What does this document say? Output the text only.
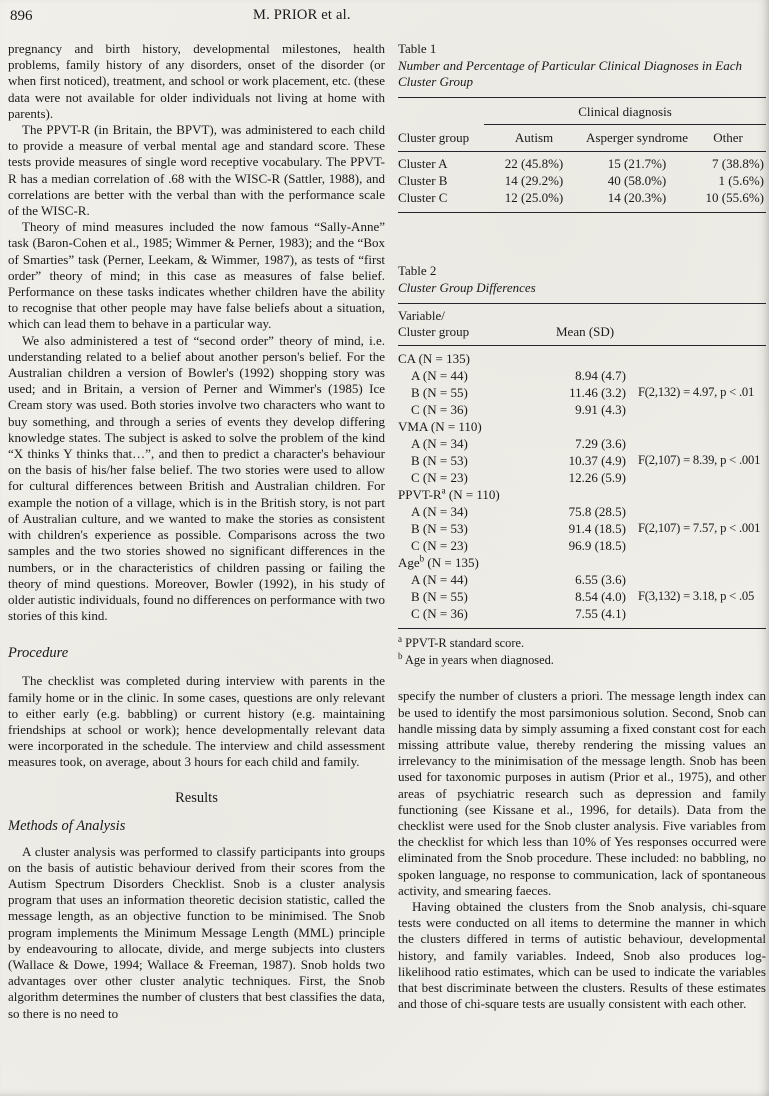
896	M. PRIOR et al.

pregnancy and birth history, developmental milestones, health problems, family history of any disorders, onset of the disorder (or when first noticed), treatment, and school or work placement, etc. (these data were not available for older individuals not living at home with parents).

The PPVT-R (in Britain, the BPVT), was administered to each child to provide a measure of verbal mental age and standard score. These tests provide measures of single word receptive vocabulary. The PPVT-R has a median correlation of .68 with the WISC-R (Sattler, 1988), and correlations are better with the verbal than with the performance scale of the WISC-R.

Theory of mind measures included the now famous “Sally-Anne” task (Baron-Cohen et al., 1985; Wimmer & Perner, 1983); and the “Box of Smarties” task (Perner, Leekam, & Wimmer, 1987), as tests of “first order” theory of mind; in this case as measures of false belief. Performance on these tasks indicates whether children have the ability to recognise that other people may have false beliefs about a situation, which can lead them to behave in a particular way.

We also administered a test of “second order” theory of mind, i.e. understanding related to a belief about another person's belief. For the Australian children a version of Bowler's (1992) shopping story was used; and in Britain, a version of Perner and Wimmer's (1985) Ice Cream story was used. Both stories involve two characters who want to buy something, and through a series of events they develop differing knowledge states. The subject is asked to solve the problem of the kind “X thinks Y thinks that…”, and then to predict a character's behaviour on the basis of his/her false belief. The two stories were used to allow for cultural differences between British and Australian children. For example the notion of a village, which is in the British story, is not part of Australian culture, and we wanted to make the stories as consistent with children's experience as possible. Comparisons across the two samples and the two stories showed no significant differences in the numbers, or in the characteristics of children passing or failing the theory of mind questions. Moreover, Bowler (1992), in his study of older autistic individuals, found no differences on performance with two stories of this kind.

Procedure

The checklist was completed during interview with parents in the family home or in the clinic. In some cases, questions are only relevant to either early (e.g. babbling) or current history (e.g. maintaining friendships at school or work); hence developmentally relevant data were incorporated in the schedule. The interview and child assessment measures took, on average, about 3 hours for each child and family.

Results
Methods of Analysis

A cluster analysis was performed to classify participants into groups on the basis of autistic behaviour derived from their scores from the Autism Spectrum Disorders Checklist. Snob is a cluster analysis program that uses an information theoretic decision statistic, called the message length, as an objective function to be minimised. The Snob program implements the Minimum Message Length (MML) principle by endeavouring to allocate, divide, and merge subjects into clusters (Wallace & Dowe, 1994; Wallace & Freeman, 1987). Snob holds two advantages over other cluster analytic techniques. First, the Snob algorithm determines the number of clusters that best classifies the data, so there is no need to

Table 1
Number and Percentage of Particular Clinical Diagnoses in Each Cluster Group
Clinical diagnosis
Cluster group	Autism	Asperger syndrome	Other
Cluster A	22 (45.8%)	15 (21.7%)	7 (38.8%)
Cluster B	14 (29.2%)	40 (58.0%)	1 (5.6%)
Cluster C	12 (25.0%)	14 (20.3%)	10 (55.6%)
Table 2
Cluster Group Differences
Variable/
Cluster group	Mean (SD)
CA (N = 135)
A (N = 44)	8.94 (4.7)
B (N = 55)	11.46 (3.2) F(2,132) = 4.97, p < .01
C (N = 36)	9.91 (4.3)
VMA (N = 110)
A (N = 34)	7.29 (3.6)
B (N = 53)	10.37 (4.9) F(2,107) = 8.39, p < .001
C (N = 23)	12.26 (5.9)
PPVT-$R^a$ (N = 110)
A (N = 34)	75.8 (28.5)
B (N = 53)	91.4 (18.5) F(2,107) = 7.57, p < .001
C (N = 23)	96.9 (18.5)
Age$^b$ (N = 135)
A (N = 44)	6.55 (3.6)
B (N = 55)	8.54 (4.0) F(3,132) = 3.18, p < .05
C (N = 36)	7.55 (4.1)
$^a$ PPVT-R standard score.
$^b$ Age in years when diagnosed.

specify the number of clusters a priori. The message length index can be used to identify the most parsimonious solution. Second, Snob can handle missing data by simply assuming a fixed constant cost for each missing attribute value, thereby rendering the missing values an irrelevancy to the minimisation of the message length. Snob has been used for taxonomic purposes in autism (Prior et al., 1975), and other areas of psychiatric research such as depression and family functioning (see Kissane et al., 1996, for details). Data from the checklist were used for the Snob cluster analysis. Five variables from the checklist for which less than 10% of Yes responses occurred were eliminated from the Snob procedure. These included: no babbling, no spoken language, no response to communication, lack of spontaneous activity, and smearing faeces.

Having obtained the clusters from the Snob analysis, chi-square tests were conducted on all items to determine the manner in which the clusters differed in terms of autistic behaviour, developmental history, and family variables. Indeed, Snob also produces log-likelihood ratio estimates, which can be used to indicate the variables that best discriminate between the clusters. Results of these estimates and those of chi-square tests are usually consistent with each other.
